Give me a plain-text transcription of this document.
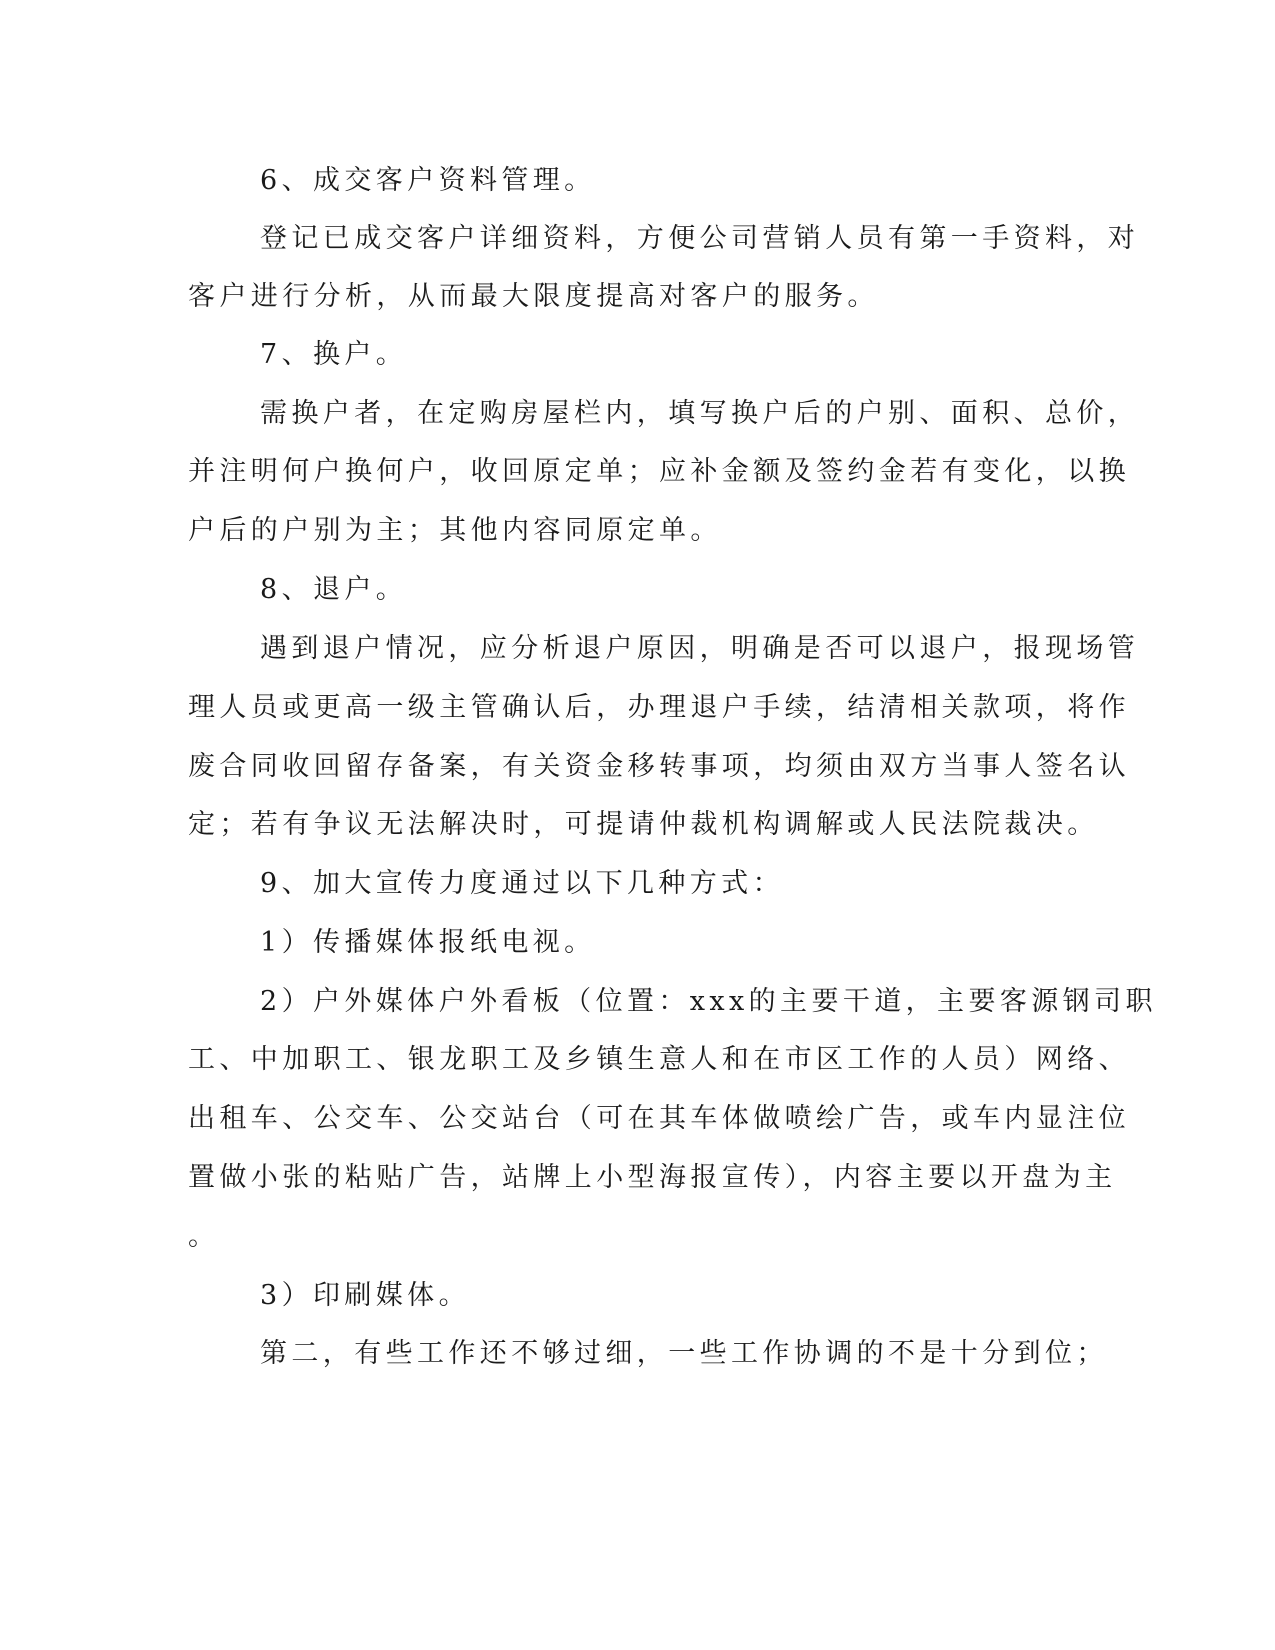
6、成交客户资料管理。

登记已成交客户详细资料，方便公司营销人员有第一手资料，对

客户进行分析，从而最大限度提高对客户的服务。

7、换户。

需换户者，在定购房屋栏内，填写换户后的户别、面积、总价，

并注明何户换何户，收回原定单；应补金额及签约金若有变化，以换

户后的户别为主；其他内容同原定单。

8、退户。

遇到退户情况，应分析退户原因，明确是否可以退户，报现场管

理人员或更高一级主管确认后，办理退户手续，结清相关款项，将作

废合同收回留存备案，有关资金移转事项，均须由双方当事人签名认

定；若有争议无法解决时，可提请仲裁机构调解或人民法院裁决。

9、加大宣传力度通过以下几种方式：

1）传播媒体报纸电视。

2）户外媒体户外看板（位置：xxx的主要干道，主要客源钢司职

工、中加职工、银龙职工及乡镇生意人和在市区工作的人员）网络、

出租车、公交车、公交站台（可在其车体做喷绘广告，或车内显注位

置做小张的粘贴广告，站牌上小型海报宣传），内容主要以开盘为主

。

3）印刷媒体。

第二，有些工作还不够过细，一些工作协调的不是十分到位；
